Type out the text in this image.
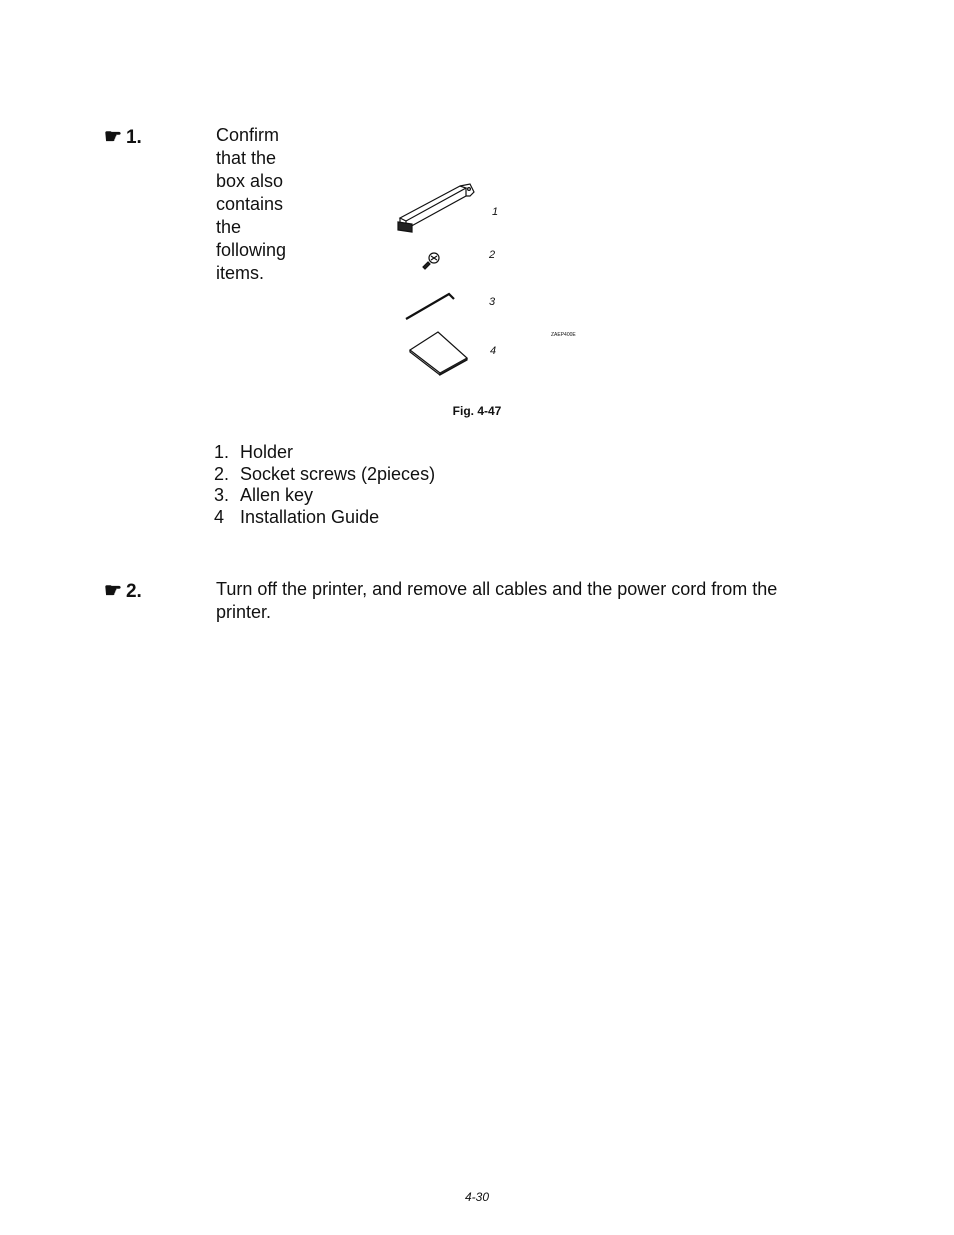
☛ 1.	Confirm that the box also contains the following items.
1
2
3
4
ZAEP400E
Fig. 4-47
1. Holder
2. Socket screws (2pieces)
3. Allen key
4 Installation Guide
☛ 2.	Turn off the printer, and remove all cables and the power cord from the printer.
4-30
